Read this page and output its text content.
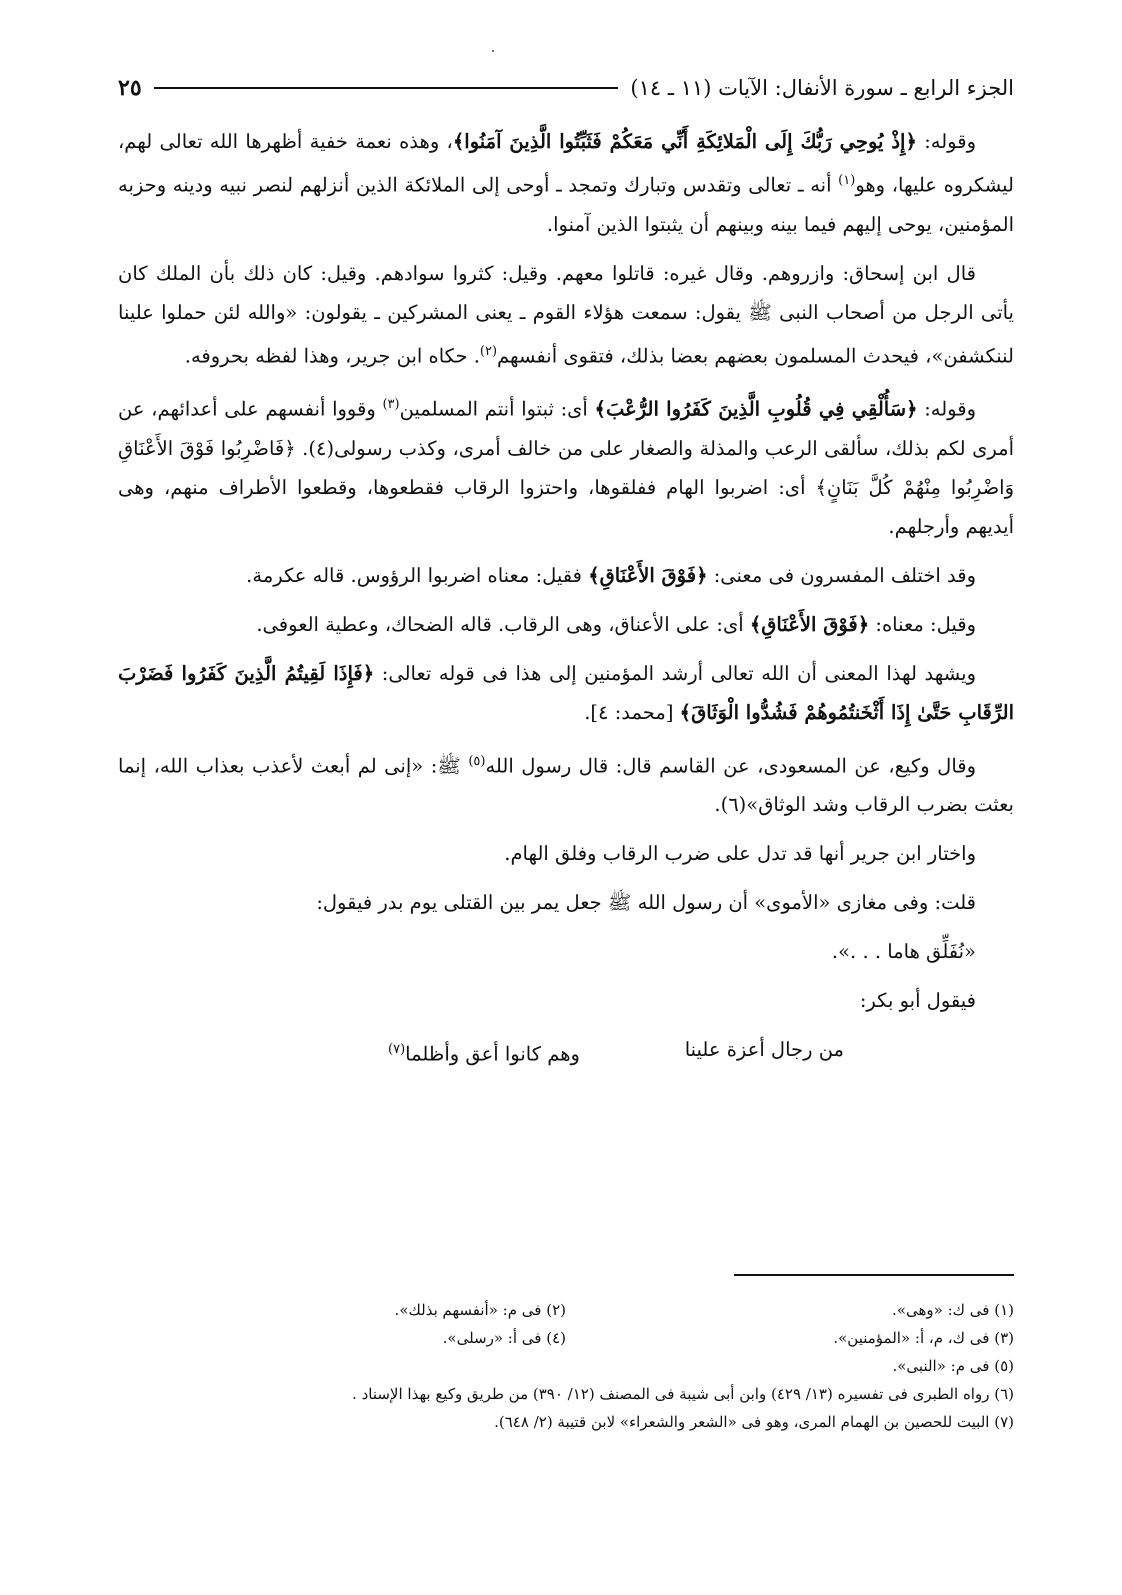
الجزء الرابع ـ سورة الأنفال: الآيات (١١ ـ ١٤)
٢٥

وقوله: ﴿إِذْ يُوحِي رَبُّكَ إِلَى الْمَلائِكَةِ أَنِّي مَعَكُمْ فَثَبِّتُوا الَّذِينَ آمَنُوا﴾، وهذه نعمة خفية أظهرها الله تعالى لهم، ليشكروه عليها، وهو$^{(١)}$ أنه ـ تعالى وتقدس وتبارك وتمجد ـ أوحى إلى الملائكة الذين أنزلهم لنصر نبيه ودينه وحزبه المؤمنين، يوحى إليهم فيما بينه وبينهم أن يثبتوا الذين آمنوا.

قال ابن إسحاق: وازروهم. وقال غيره: قاتلوا معهم. وقيل: كثروا سوادهم. وقيل: كان ذلك بأن الملك كان يأتى الرجل من أصحاب النبى ﷺ يقول: سمعت هؤلاء القوم ـ يعنى المشركين ـ يقولون: «والله لئن حملوا علينا لننكشفن»، فيحدث المسلمون بعضهم بعضا بذلك، فتقوى أنفسهم$^{(٢)}$. حكاه ابن جرير، وهذا لفظه بحروفه.

وقوله: ﴿سَأُلْقِي فِي قُلُوبِ الَّذِينَ كَفَرُوا الرُّعْبَ﴾ أى: ثبتوا أنتم المسلمين$^{(٣)}$ وقووا أنفسهم على أعدائهم، عن أمرى لكم بذلك، سألقى الرعب والمذلة والصغار على من خالف أمرى، وكذب رسولى(٤). ﴿فَاضْرِبُوا فَوْقَ الأَعْنَاقِ وَاضْرِبُوا مِنْهُمْ كُلَّ بَنَانٍ﴾ أى: اضربوا الهام ففلقوها، واحتزوا الرقاب فقطعوها، وقطعوا الأطراف منهم، وهى أيديهم وأرجلهم.

وقد اختلف المفسرون فى معنى: ﴿فَوْقَ الأَعْنَاقِ﴾ فقيل: معناه اضربوا الرؤوس. قاله عكرمة.

وقيل: معناه: ﴿فَوْقَ الأَعْنَاقِ﴾ أى: على الأعناق، وهى الرقاب. قاله الضحاك، وعطية العوفى.

ويشهد لهذا المعنى أن الله تعالى أرشد المؤمنين إلى هذا فى قوله تعالى: ﴿فَإِذَا لَقِيتُمُ الَّذِينَ كَفَرُوا فَضَرْبَ الرِّقَابِ حَتَّىٰ إِذَا أَثْخَنتُمُوهُمْ فَشُدُّوا الْوَثَاقَ﴾ [محمد: ٤].

وقال وكيع، عن المسعودى، عن القاسم قال: قال رسول الله$^{(٥)}$ ﷺ: «إنى لم أبعث لأعذب بعذاب الله، إنما بعثت بضرب الرقاب وشد الوثاق»(٦).

واختار ابن جرير أنها قد تدل على ضرب الرقاب وفلق الهام.

قلت: وفى مغازى «الأموى» أن رسول الله ﷺ جعل يمر بين القتلى يوم بدر فيقول:

«نُفَلِّق هاما . . .».

فيقول أبو بكر:

من رجال أعزة علينا
وهم كانوا أعق وأظلما$^{(٧)}$
(١) فى ك: «وهى».
(٢) فى م: «أنفسهم بذلك».
(٣) فى ك، م، أ: «المؤمنين».
(٤) فى أ: «رسلى».
(٥) فى م: «النبى».
(٦) رواه الطبرى فى تفسيره (١٣/ ٤٢٩) وابن أبى شيبة فى المصنف (١٢/ ٣٩٠) من طريق وكيع بهذا الإسناد .
(٧) البيت للحصين بن الهمام المرى، وهو فى «الشعر والشعراء» لابن قتيبة (٢/ ٦٤٨).
